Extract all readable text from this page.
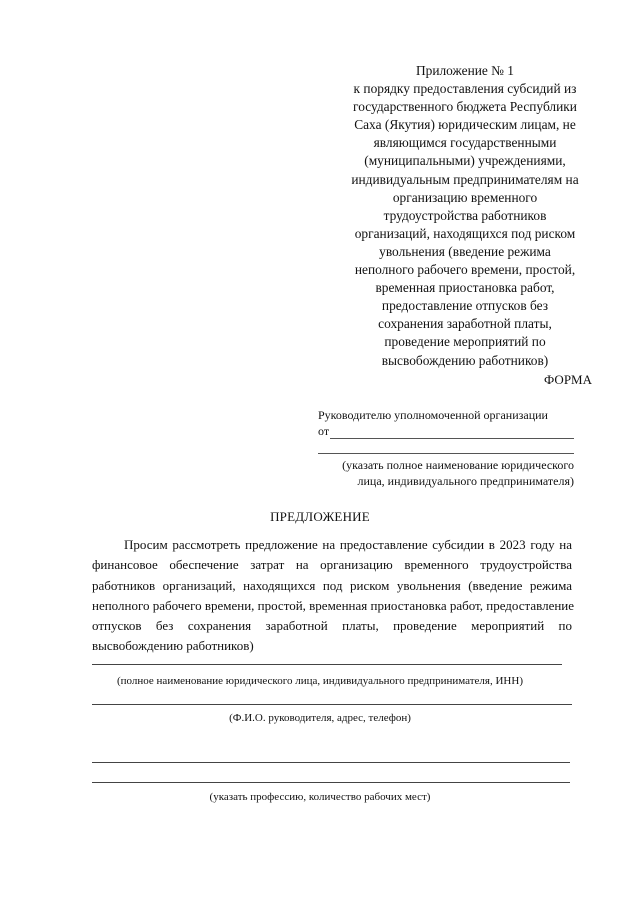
Приложение № 1
к порядку предоставления субсидий из
государственного бюджета Республики
Саха (Якутия) юридическим лицам, не
являющимся государственными
(муниципальными) учреждениями,
индивидуальным предпринимателям на
организацию временного
трудоустройства работников
организаций, находящихся под риском
увольнения (введение режима
неполного рабочего времени, простой,
временная приостановка работ,
предоставление отпусков без
сохранения заработной платы,
проведение мероприятий по
высвобождению работников)
ФОРМА
Руководителю уполномоченной организации
от
(указать полное наименование юридического
лица, индивидуального предпринимателя)
ПРЕДЛОЖЕНИЕ
Просим рассмотреть предложение на предоставление субсидии в 2023 году на
финансовое обеспечение затрат на организацию временного трудоустройства
работников организаций, находящихся под риском увольнения (введение режима
неполного рабочего времени, простой, временная приостановка работ, предоставление
отпусков без сохранения заработной платы, проведение мероприятий по
высвобождению работников)
(полное наименование юридического лица, индивидуального предпринимателя, ИНН)
(Ф.И.О. руководителя, адрес, телефон)
(указать профессию, количество рабочих мест)
